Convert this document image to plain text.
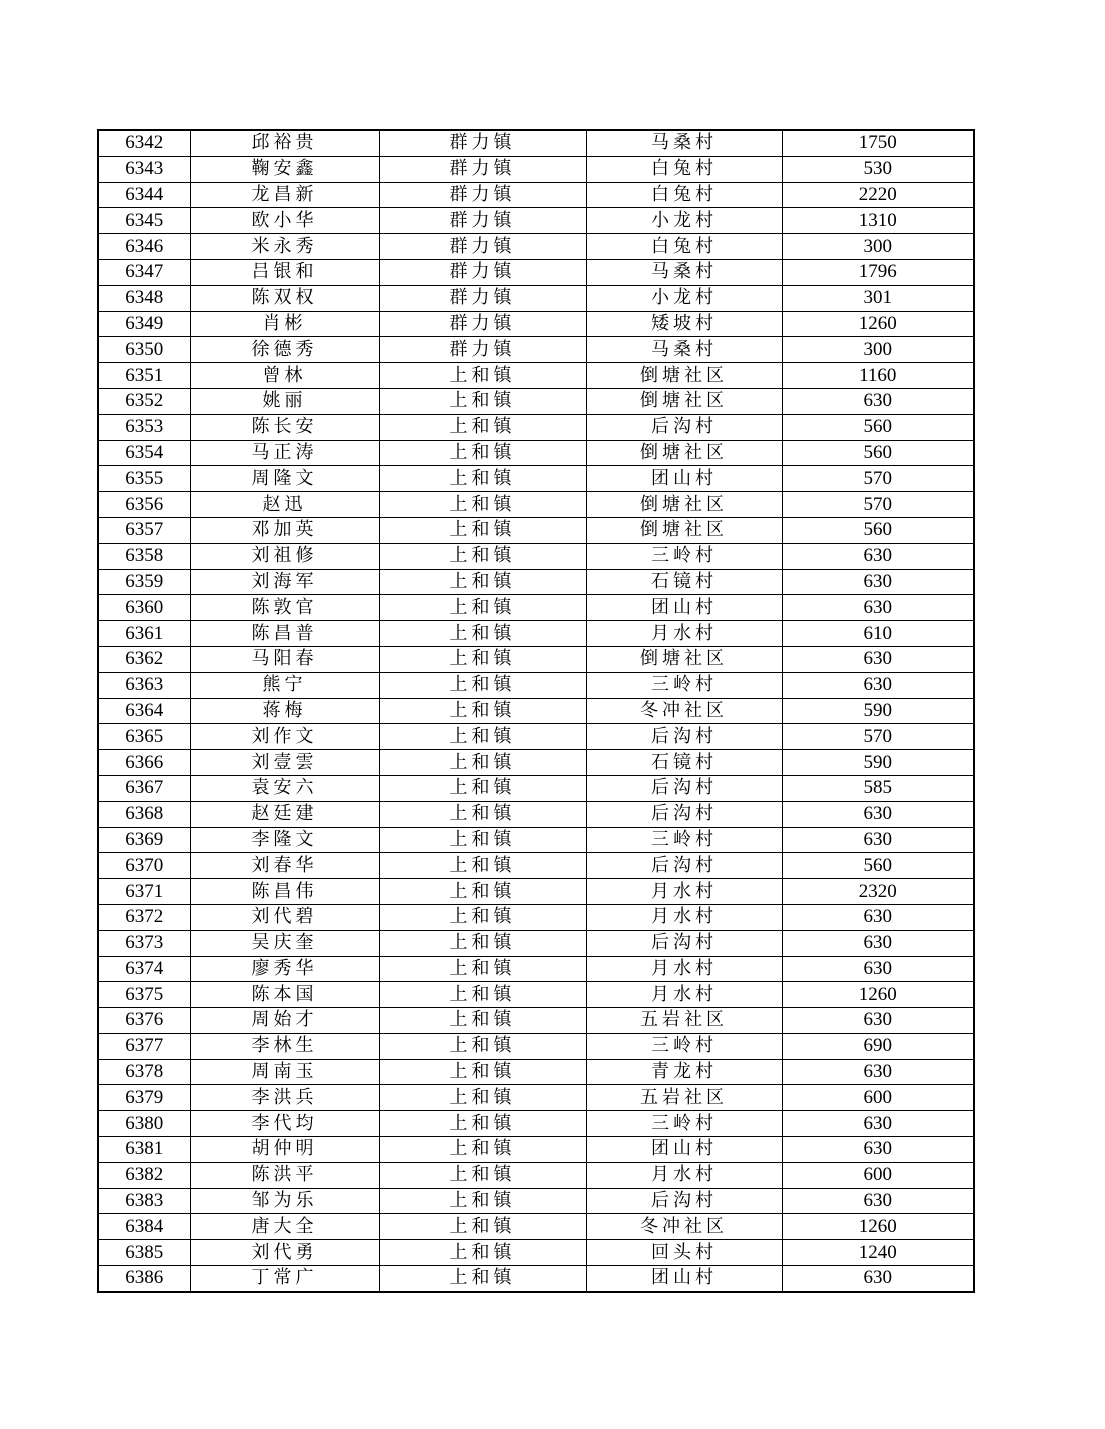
6342	邱裕贵	群力镇	马桑村	1750
6343	鞠安鑫	群力镇	白兔村	530
6344	龙昌新	群力镇	白兔村	2220
6345	欧小华	群力镇	小龙村	1310
6346	米永秀	群力镇	白兔村	300
6347	吕银和	群力镇	马桑村	1796
6348	陈双权	群力镇	小龙村	301
6349	肖彬	群力镇	矮坡村	1260
6350	徐德秀	群力镇	马桑村	300
6351	曾林	上和镇	倒塘社区	1160
6352	姚丽	上和镇	倒塘社区	630
6353	陈长安	上和镇	后沟村	560
6354	马正涛	上和镇	倒塘社区	560
6355	周隆文	上和镇	团山村	570
6356	赵迅	上和镇	倒塘社区	570
6357	邓加英	上和镇	倒塘社区	560
6358	刘祖修	上和镇	三岭村	630
6359	刘海军	上和镇	石镜村	630
6360	陈敦官	上和镇	团山村	630
6361	陈昌普	上和镇	月水村	610
6362	马阳春	上和镇	倒塘社区	630
6363	熊宁	上和镇	三岭村	630
6364	蒋梅	上和镇	冬冲社区	590
6365	刘作文	上和镇	后沟村	570
6366	刘壹雲	上和镇	石镜村	590
6367	袁安六	上和镇	后沟村	585
6368	赵廷建	上和镇	后沟村	630
6369	李隆文	上和镇	三岭村	630
6370	刘春华	上和镇	后沟村	560
6371	陈昌伟	上和镇	月水村	2320
6372	刘代碧	上和镇	月水村	630
6373	吴庆奎	上和镇	后沟村	630
6374	廖秀华	上和镇	月水村	630
6375	陈本国	上和镇	月水村	1260
6376	周始才	上和镇	五岩社区	630
6377	李林生	上和镇	三岭村	690
6378	周南玉	上和镇	青龙村	630
6379	李洪兵	上和镇	五岩社区	600
6380	李代均	上和镇	三岭村	630
6381	胡仲明	上和镇	团山村	630
6382	陈洪平	上和镇	月水村	600
6383	邹为乐	上和镇	后沟村	630
6384	唐大全	上和镇	冬冲社区	1260
6385	刘代勇	上和镇	回头村	1240
6386	丁常广	上和镇	团山村	630
